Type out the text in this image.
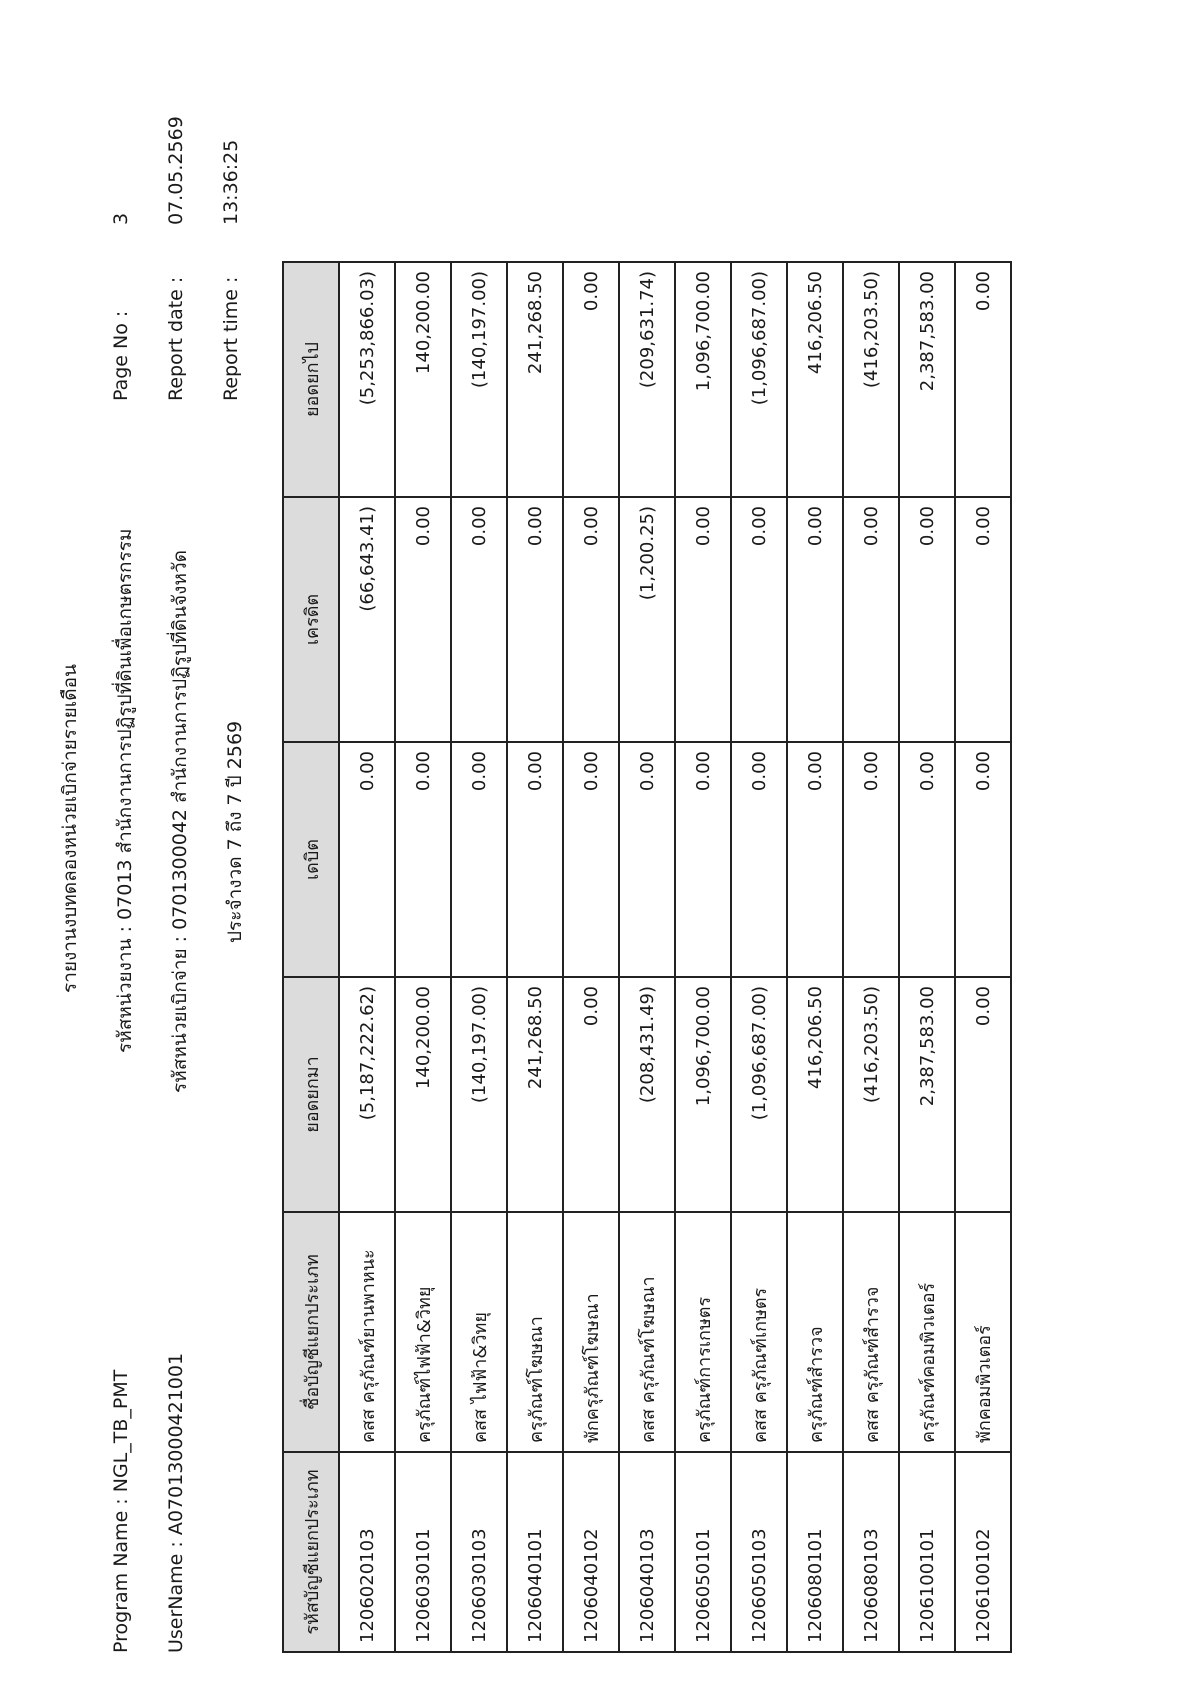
Program Name : NGL_TB_PMT UserName : A07013000421001
รายงานงบทดลองหน่วยเบิกจ่ายรายเดือน รหัสหน่วยงาน : 07013 สำนักงานการปฏิรูปที่ดินเพื่อเกษตรกรรม รหัสหน่วยเบิกจ่าย : 0701300042 สำนักงานการปฏิรูปที่ดินจังหวัด ประจำงวด 7 ถึง 7 ปี 2569
Page No :
3
Report date :
07.05.2569
Report time :
13:36:25
รหัสบัญชีแยกประเภท	ชื่อบัญชีแยกประเภท	ยอดยกมา	เดบิต	เครดิต	ยอดยกไป
1206020103	คสส ครุภัณฑ์ยานพาหนะ	(5,187,222.62)	0.00	(66,643.41)	(5,253,866.03)
1206030101	ครุภัณฑ์ไฟฟ้า&วิทยุ	140,200.00	0.00	0.00	140,200.00
1206030103	คสส ไฟฟ้า&วิทยุ	(140,197.00)	0.00	0.00	(140,197.00)
1206040101	ครุภัณฑ์โฆษณา	241,268.50	0.00	0.00	241,268.50
1206040102	พักครุภัณฑ์โฆษณา	0.00	0.00	0.00	0.00
1206040103	คสส ครุภัณฑ์โฆษณา	(208,431.49)	0.00	(1,200.25)	(209,631.74)
1206050101	ครุภัณฑ์การเกษตร	1,096,700.00	0.00	0.00	1,096,700.00
1206050103	คสส ครุภัณฑ์เกษตร	(1,096,687.00)	0.00	0.00	(1,096,687.00)
1206080101	ครุภัณฑ์สำรวจ	416,206.50	0.00	0.00	416,206.50
1206080103	คสส ครุภัณฑ์สำรวจ	(416,203.50)	0.00	0.00	(416,203.50)
1206100101	ครุภัณฑ์คอมพิวเตอร์	2,387,583.00	0.00	0.00	2,387,583.00
1206100102	พักคอมพิวเตอร์	0.00	0.00	0.00	0.00
